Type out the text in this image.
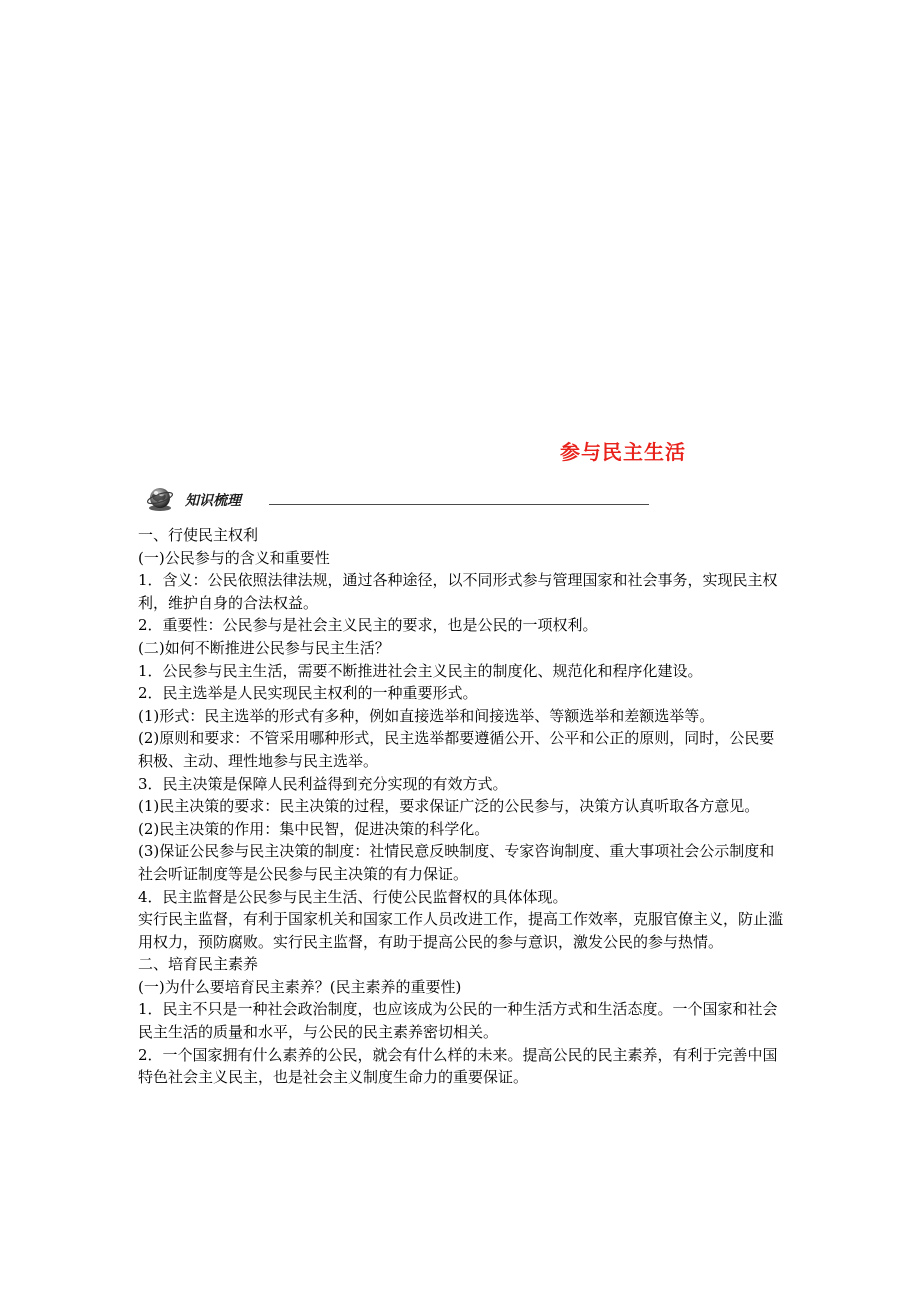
参与民主生活
知识梳理

一、行使民主权利

(一)公民参与的含义和重要性

1．含义：公民依照法律法规，通过各种途径，以不同形式参与管理国家和社会事务，实现民主权利，维护自身的合法权益。

2．重要性：公民参与是社会主义民主的要求，也是公民的一项权利。

(二)如何不断推进公民参与民主生活？

1．公民参与民主生活，需要不断推进社会主义民主的制度化、规范化和程序化建设。

2．民主选举是人民实现民主权利的一种重要形式。

(1)形式：民主选举的形式有多种，例如直接选举和间接选举、等额选举和差额选举等。

(2)原则和要求：不管采用哪种形式，民主选举都要遵循公开、公平和公正的原则，同时，公民要积极、主动、理性地参与民主选举。

3．民主决策是保障人民利益得到充分实现的有效方式。

(1)民主决策的要求：民主决策的过程，要求保证广泛的公民参与，决策方认真听取各方意见。

(2)民主决策的作用：集中民智，促进决策的科学化。

(3)保证公民参与民主决策的制度：社情民意反映制度、专家咨询制度、重大事项社会公示制度和社会听证制度等是公民参与民主决策的有力保证。

4．民主监督是公民参与民主生活、行使公民监督权的具体体现。

实行民主监督，有利于国家机关和国家工作人员改进工作，提高工作效率，克服官僚主义，防止滥用权力，预防腐败。实行民主监督，有助于提高公民的参与意识，激发公民的参与热情。

二、培育民主素养

(一)为什么要培育民主素养？(民主素养的重要性)

1．民主不只是一种社会政治制度，也应该成为公民的一种生活方式和生活态度。一个国家和社会民主生活的质量和水平，与公民的民主素养密切相关。

2．一个国家拥有什么素养的公民，就会有什么样的未来。提高公民的民主素养，有利于完善中国特色社会主义民主，也是社会主义制度生命力的重要保证。
